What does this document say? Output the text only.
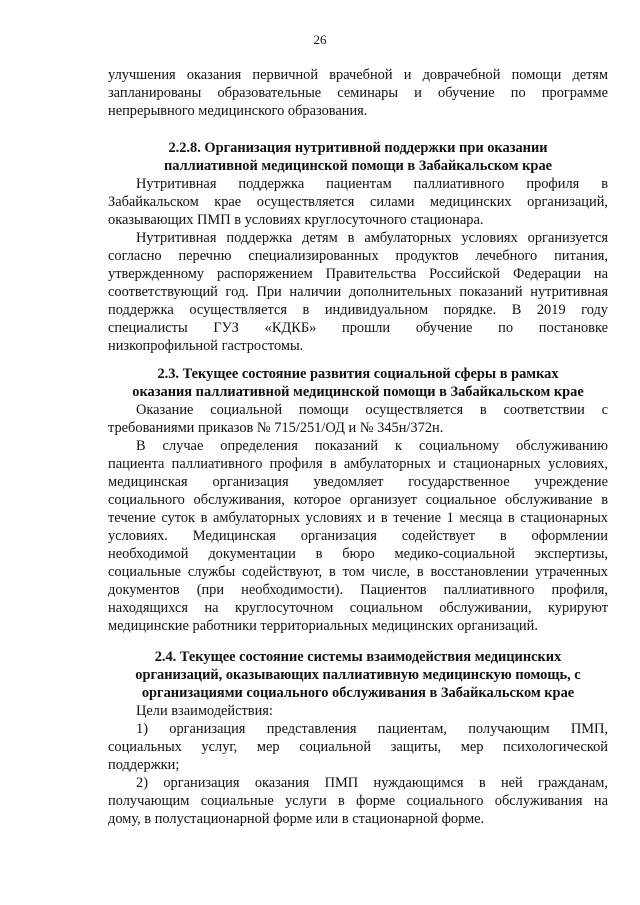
26
улучшения оказания первичной врачебной и доврачебной помощи детям
запланированы образовательные семинары и обучение по программе
непрерывного медицинского образования.
2.2.8. Организация нутритивной поддержки при оказании
паллиативной медицинской помощи в Забайкальском крае
Нутритивная поддержка пациентам паллиативного профиля в
Забайкальском крае осуществляется силами медицинских организаций,
оказывающих ПМП в условиях круглосуточного стационара.
Нутритивная поддержка детям в амбулаторных условиях организуется
согласно перечню специализированных продуктов лечебного питания,
утвержденному распоряжением Правительства Российской Федерации на
соответствующий год. При наличии дополнительных показаний нутритивная
поддержка осуществляется в индивидуальном порядке. В 2019 году
специалисты ГУЗ «КДКБ» прошли обучение по постановке
низкопрофильной гастростомы.
2.3. Текущее состояние развития социальной сферы в рамках
оказания паллиативной медицинской помощи в Забайкальском крае
Оказание социальной помощи осуществляется в соответствии с
требованиями приказов № 715/251/ОД и № 345н/372н.
В случае определения показаний к социальному обслуживанию
пациента паллиативного профиля в амбулаторных и стационарных условиях,
медицинская организация уведомляет государственное учреждение
социального обслуживания, которое организует социальное обслуживание в
течение суток в амбулаторных условиях и в течение 1 месяца в стационарных
условиях. Медицинская организация содействует в оформлении
необходимой документации в бюро медико-социальной экспертизы,
социальные службы содействуют, в том числе, в восстановлении утраченных
документов (при необходимости). Пациентов паллиативного профиля,
находящихся на круглосуточном социальном обслуживании, курируют
медицинские работники территориальных медицинских организаций.
2.4. Текущее состояние системы взаимодействия медицинских
организаций, оказывающих паллиативную медицинскую помощь, с
организациями социального обслуживания в Забайкальском крае
Цели взаимодействия:
1) организация представления пациентам, получающим ПМП,
социальных услуг, мер социальной защиты, мер психологической
поддержки;
2) организация оказания ПМП нуждающимся в ней гражданам,
получающим социальные услуги в форме социального обслуживания на
дому, в полустационарной форме или в стационарной форме.
